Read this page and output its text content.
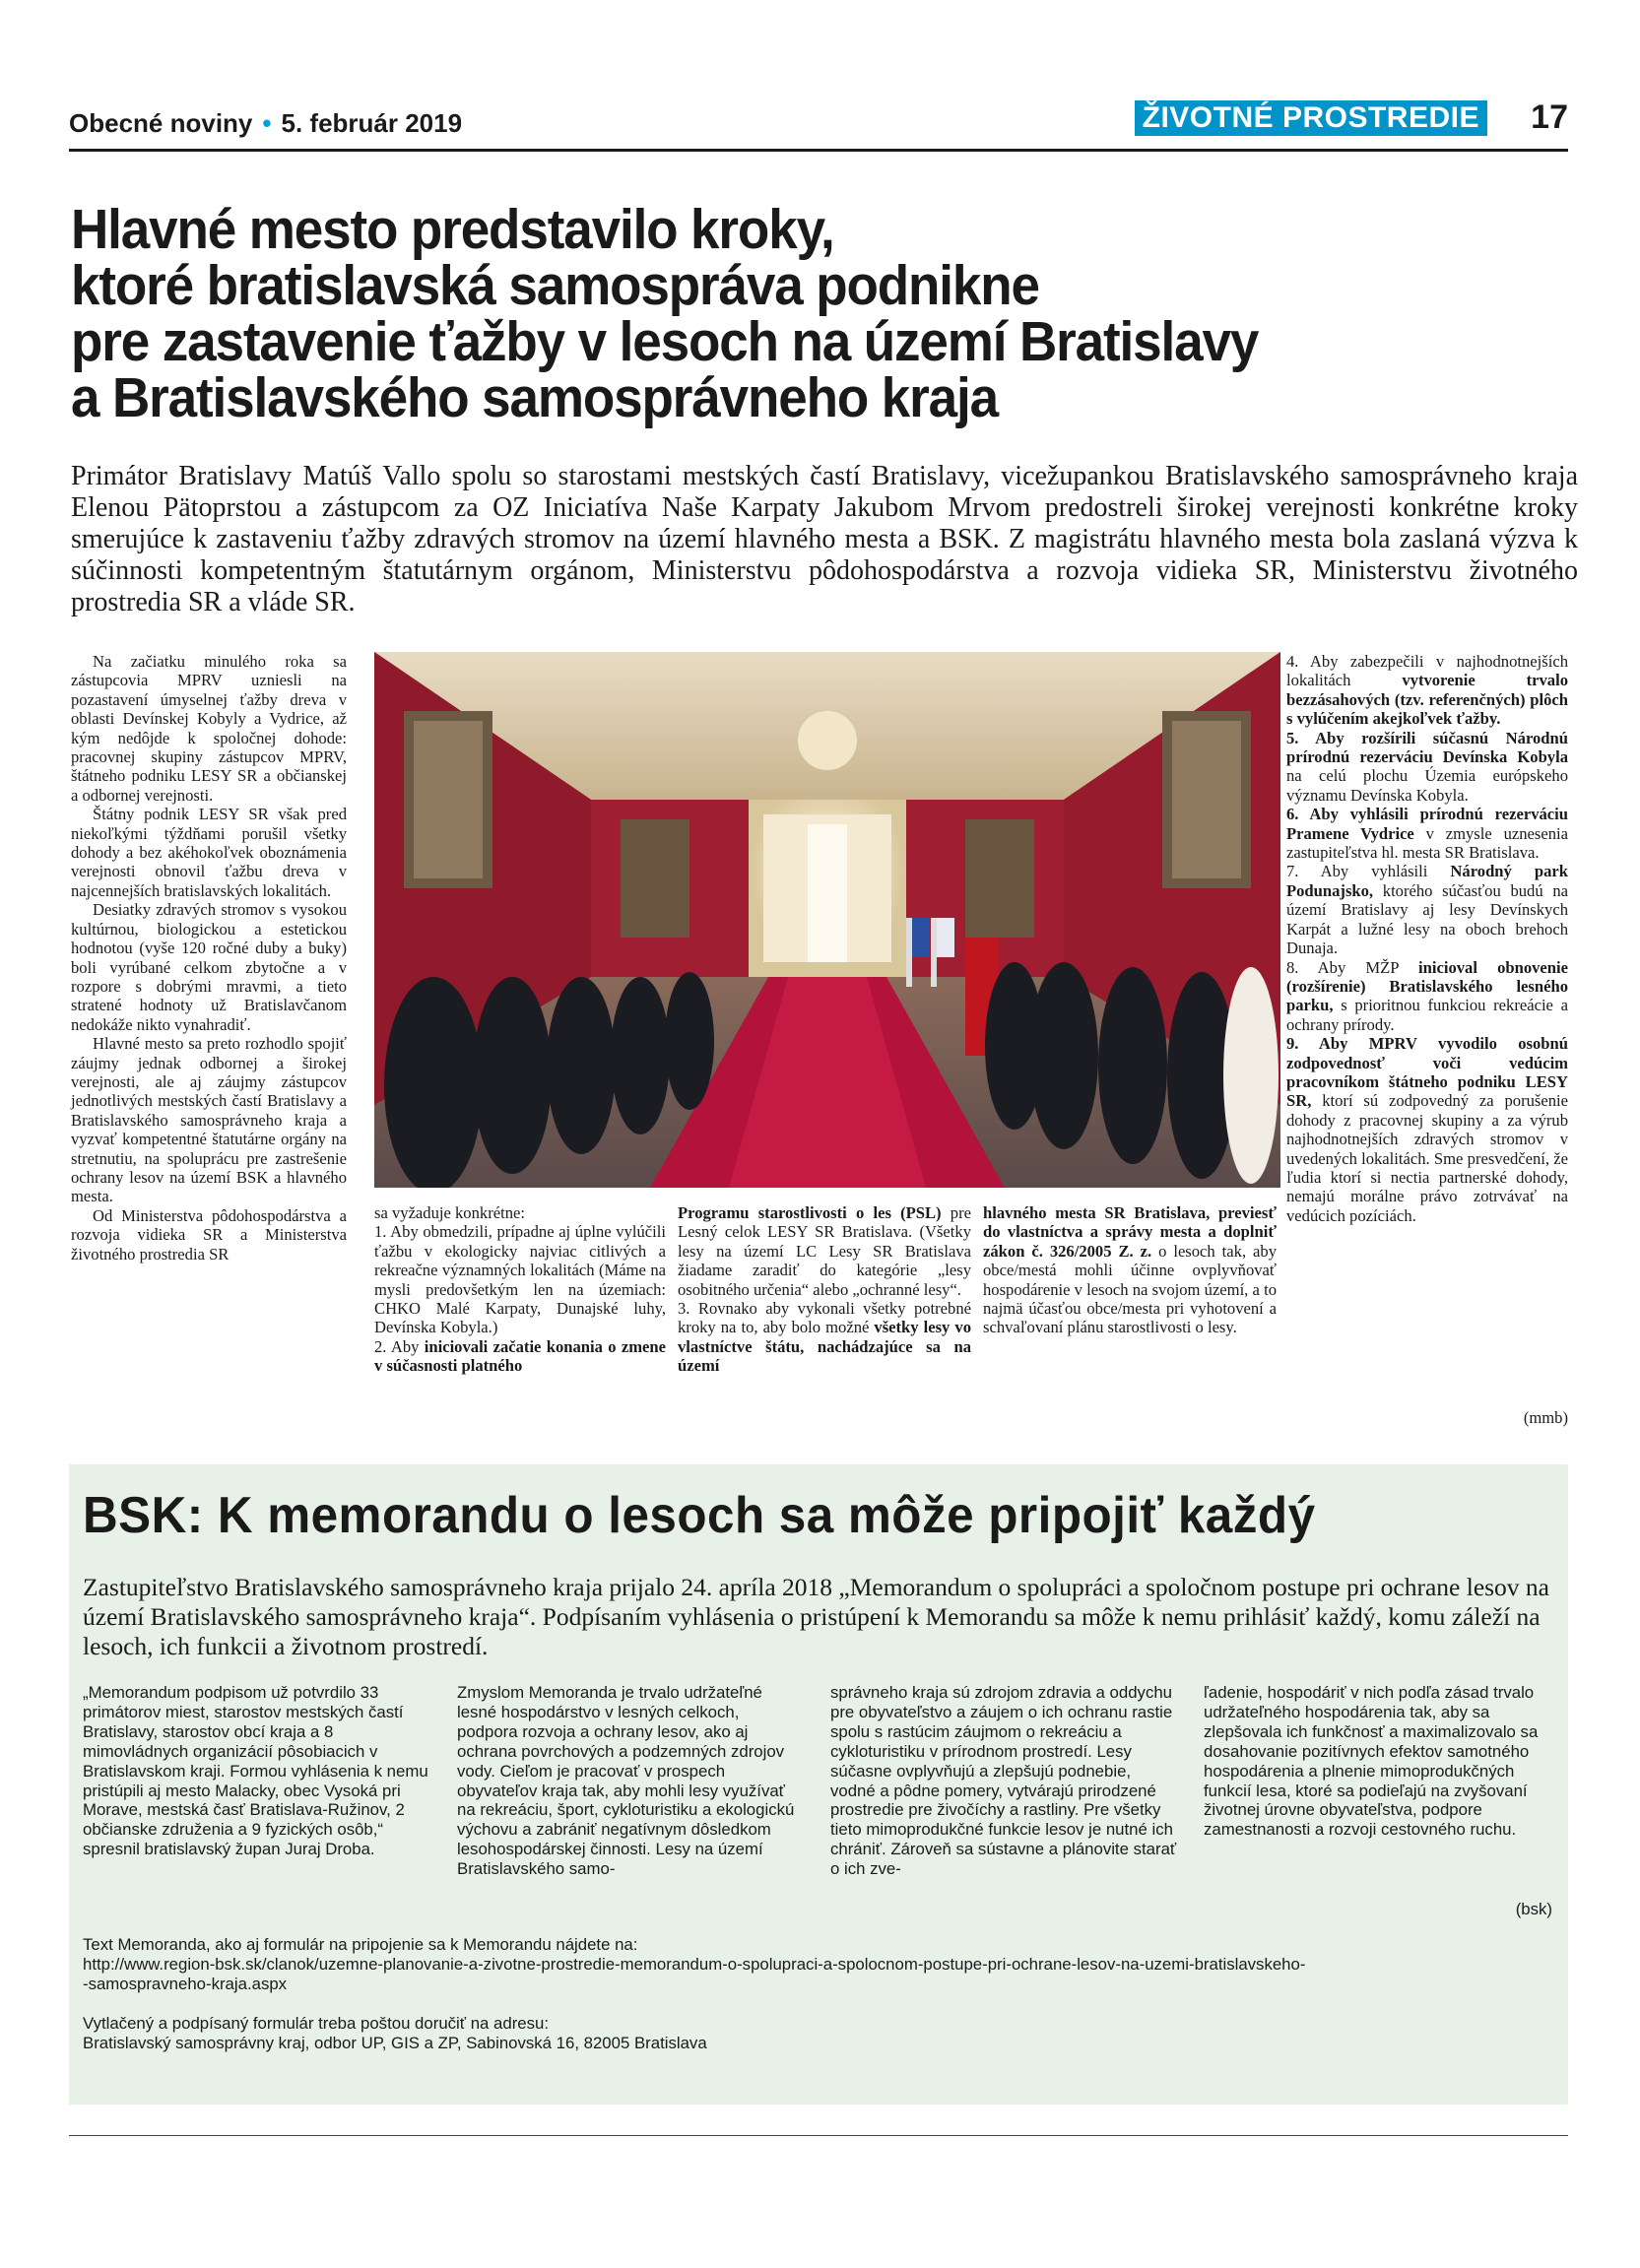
Obecné noviny • 5. február 2019	ŽIVOTNÉ PROSTREDIE 17
Hlavné mesto predstavilo kroky,
ktoré bratislavská samospráva podnikne
pre zastavenie ťažby v lesoch na území Bratislavy
a Bratislavského samosprávneho kraja

Primátor Bratislavy Matúš Vallo spolu so starostami mestských častí Bratislavy, vicežupankou Bratislavského samosprávneho kraja Elenou Pätoprstou a zástupcom za OZ Iniciatíva Naše Karpaty Jakubom Mrvom predostreli širokej verejnosti konkrétne kroky smerujúce k zastaveniu ťažby zdravých stromov na území hlavného mesta a BSK. Z magistrátu hlavného mesta bola zaslaná výzva k súčinnosti kompetentným štatutárnym orgánom, Ministerstvu pôdohospodárstva a rozvoja vidieka SR, Ministerstvu životného prostredia SR a vláde SR.

Na začiatku minulého roka sa zástupcovia MPRV uzniesli na pozastavení úmyselnej ťažby dreva v oblasti Devínskej Kobyly a Vydrice, až kým nedôjde k spoločnej dohode: pracovnej skupiny zástupcov MPRV, štátneho podniku LESY SR a občianskej a odbornej verejnosti.

Štátny podnik LESY SR však pred niekoľkými týždňami porušil všetky dohody a bez akéhokoľvek oboznámenia verejnosti obnovil ťažbu dreva v najcennejších bratislavských lokalitách.

Desiatky zdravých stromov s vysokou kultúrnou, biologickou a estetickou hodnotou (vyše 120 ročné duby a buky) boli vyrúbané celkom zbytočne a v rozpore s dobrými mravmi, a tieto stratené hodnoty už Bratislavčanom nedokáže nikto vynahradiť.

Hlavné mesto sa preto rozhodlo spojiť záujmy jednak odbornej a širokej verejnosti, ale aj záujmy zástupcov jednotlivých mestských častí Bratislavy a Bratislavského samosprávneho kraja a vyzvať kompetentné štatutárne orgány na stretnutiu, na spoluprácu pre zastrešenie ochrany lesov na území BSK a hlavného mesta.

Od Ministerstva pôdohospodárstva a rozvoja vidieka SR a Ministerstva životného prostredia SR

sa vyžaduje konkrétne:

1. Aby obmedzili, prípadne aj úplne vylúčili ťažbu v ekologicky najviac citlivých a rekreačne významných lokalitách (Máme na mysli predovšetkým len na územiach: CHKO Malé Karpaty, Dunajské luhy, Devínska Kobyla.)

2. Aby iniciovali začatie konania o zmene v súčasnosti platného

Programu starostlivosti o les (PSL) pre Lesný celok LESY SR Bratislava. (Všetky lesy na území LC Lesy SR Bratislava žiadame zaradiť do kategórie „lesy osobitného určenia“ alebo „ochranné lesy“.

3. Rovnako aby vykonali všetky potrebné kroky na to, aby bolo možné všetky lesy vo vlastníctve štátu, nachádzajúce sa na území

hlavného mesta SR Bratislava, previesť do vlastníctva a správy mesta a doplniť zákon č. 326/2005 Z. z. o lesoch tak, aby obce/mestá mohli účinne ovplyvňovať hospodárenie v lesoch na svojom území, a to najmä účasťou obce/mesta pri vyhotovení a schvaľovaní plánu starostlivosti o lesy.

4. Aby zabezpečili v najhodnotnejších lokalitách vytvorenie trvalo bezzásahových (tzv. referenčných) plôch s vylúčením akejkoľvek ťažby.

5. Aby rozšírili súčasnú Národnú prírodnú rezerváciu Devínska Kobyla na celú plochu Územia európskeho významu Devínska Kobyla.

6. Aby vyhlásili prírodnú rezerváciu Pramene Vydrice v zmysle uznesenia zastupiteľstva hl. mesta SR Bratislava.

7. Aby vyhlásili Národný park Podunajsko, ktorého súčasťou budú na území Bratislavy aj lesy Devínskych Karpát a lužné lesy na oboch brehoch Dunaja.

8. Aby MŽP inicioval obnovenie (rozšírenie) Bratislavského lesného parku, s prioritnou funkciou rekreácie a ochrany prírody.

9. Aby MPRV vyvodilo osobnú zodpovednosť voči vedúcim pracovníkom štátneho podniku LESY SR, ktorí sú zodpovedný za porušenie dohody z pracovnej skupiny a za výrub najhodnotnejších zdravých stromov v uvedených lokalitách. Sme presvedčení, že ľudia ktorí si nectia partnerské dohody, nemajú morálne právo zotrvávať na vedúcich pozíciách.

(mmb)
BSK: K memorandu o lesoch sa môže pripojiť každý

Zastupiteľstvo Bratislavského samosprávneho kraja prijalo 24. apríla 2018 „Memorandum o spolupráci a spoločnom postupe pri ochrane lesov na území Bratislavského samosprávneho kraja“. Podpísaním vyhlásenia o pristúpení k Memorandu sa môže k nemu prihlásiť každý, komu záleží na lesoch, ich funkcii a životnom prostredí.

„Memorandum podpisom už potvrdilo 33 primátorov miest, starostov mestských častí Bratislavy, starostov obcí kraja a 8 mimovládnych organizácií pôsobiacich v Bratislavskom kraji. Formou vyhlásenia k nemu pristúpili aj mesto Malacky, obec Vysoká pri Morave, mestská časť Bratislava-Ružinov, 2 občianske združenia a 9 fyzických osôb,“ spresnil bratislavský župan Juraj Droba.

Zmyslom Memoranda je trvalo udržateľné lesné hospodárstvo v lesných celkoch, podpora rozvoja a ochrany lesov, ako aj ochrana povrchových a podzemných zdrojov vody. Cieľom je pracovať v prospech obyvateľov kraja tak, aby mohli lesy využívať na rekreáciu, šport, cykloturistiku a ekologickú výchovu a zabrániť negatívnym dôsledkom lesohospodárskej činnosti. Lesy na území Bratislavského samo-

správneho kraja sú zdrojom zdravia a oddychu pre obyvateľstvo a záujem o ich ochranu rastie spolu s rastúcim záujmom o rekreáciu a cykloturistiku v prírodnom prostredí. Lesy súčasne ovplyvňujú a zlepšujú podnebie, vodné a pôdne pomery, vytvárajú prirodzené prostredie pre živočíchy a rastliny. Pre všetky tieto mimoprodukčné funkcie lesov je nutné ich chrániť. Zároveň sa sústavne a plánovite starať o ich zve-

ľadenie, hospodáriť v nich podľa zásad trvalo udržateľného hospodárenia tak, aby sa zlepšovala ich funkčnosť a maximalizovalo sa dosahovanie pozitívnych efektov samotného hospodárenia a plnenie mimoprodukčných funkcií lesa, ktoré sa podieľajú na zvyšovaní životnej úrovne obyvateľstva, podpore zamestnanosti a rozvoji cestovného ruchu.

(bsk)
Text Memoranda, ako aj formulár na pripojenie sa k Memorandu nájdete na:
http://www.region-bsk.sk/clanok/uzemne-planovanie-a-zivotne-prostredie-memorandum-o-spolupraci-a-spolocnom-postupe-pri-ochrane-lesov-na-uzemi-bratislavskeho-
-samospravneho-kraja.aspx
Vytlačený a podpísaný formulár treba poštou doručiť na adresu:
Bratislavský samosprávny kraj, odbor UP, GIS a ZP, Sabinovská 16, 82005 Bratislava
